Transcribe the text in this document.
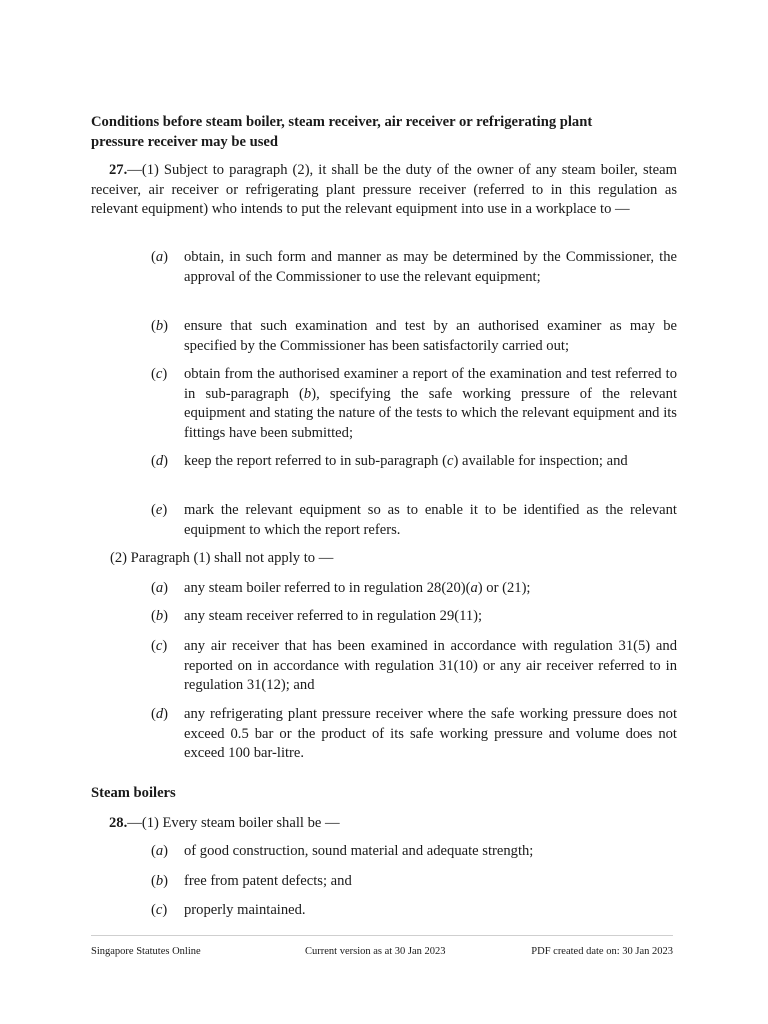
Conditions before steam boiler, steam receiver, air receiver or refrigerating plant
pressure receiver may be used

27.—(1) Subject to paragraph (2), it shall be the duty of the owner of any steam boiler, steam receiver, air receiver or refrigerating plant pressure receiver (referred to in this regulation as relevant equipment) who intends to put the relevant equipment into use in a workplace to —

(a) obtain, in such form and manner as may be determined by the Commissioner, the approval of the Commissioner to use the relevant equipment;
(b) ensure that such examination and test by an authorised examiner as may be specified by the Commissioner has been satisfactorily carried out;
(c) obtain from the authorised examiner a report of the examination and test referred to in sub-paragraph (b), specifying the safe working pressure of the relevant equipment and stating the nature of the tests to which the relevant equipment and its fittings have been submitted;
(d) keep the report referred to in sub-paragraph (c) available for inspection; and
(e) mark the relevant equipment so as to enable it to be identified as the relevant equipment to which the report refers.

(2) Paragraph (1) shall not apply to —

(a) any steam boiler referred to in regulation 28(20)(a) or (21);
(b) any steam receiver referred to in regulation 29(11);
(c) any air receiver that has been examined in accordance with regulation 31(5) and reported on in accordance with regulation 31(10) or any air receiver referred to in regulation 31(12); and
(d) any refrigerating plant pressure receiver where the safe working pressure does not exceed 0.5 bar or the product of its safe working pressure and volume does not exceed 100 bar-litre.
Steam boilers

28.—(1) Every steam boiler shall be —

(a) of good construction, sound material and adequate strength;
(b) free from patent defects; and
(c) properly maintained.
Singapore Statutes Online	Current version as at 30 Jan 2023	PDF created date on: 30 Jan 2023
